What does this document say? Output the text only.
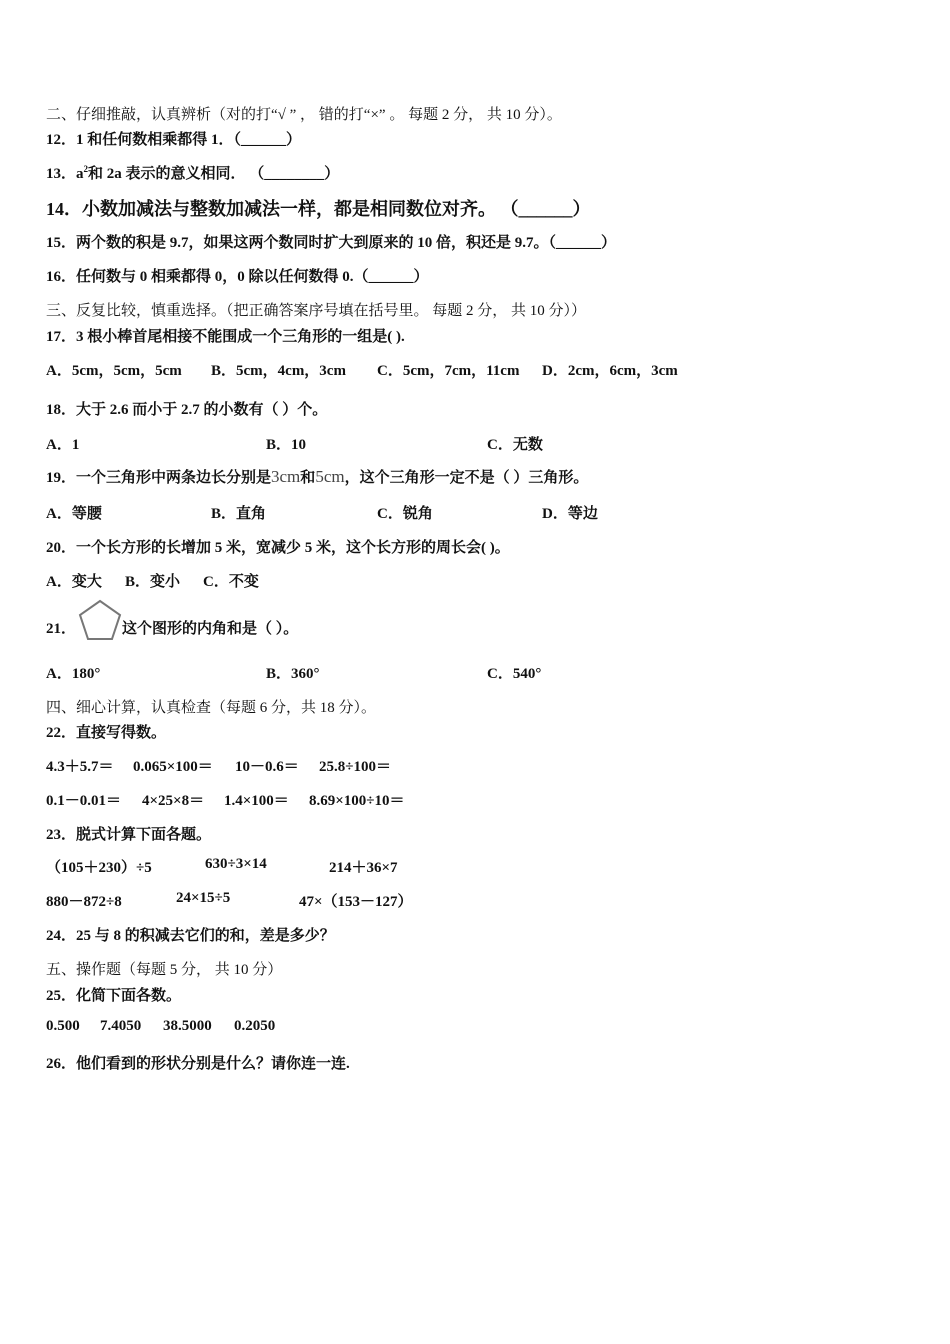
二、仔细推敲，认真辨析（对的打“√ ” ， 错的打“×” 。 每题 2 分， 共 10 分）。
12．1 和任何数相乘都得 1．（______）
13．$a^2$和 2a 表示的意义相同． （________）
14．小数加减法与整数加减法一样，都是相同数位对齐。 （______）
15．两个数的积是 9.7，如果这两个数同时扩大到原来的 10 倍，积还是 9.7。（______）
16．任何数与 0 相乘都得 0，0 除以任何数得 0.（______）
三、反复比较，慎重选择。（把正确答案序号填在括号里。 每题 2 分， 共 10 分））
17．3 根小棒首尾相接不能围成一个三角形的一组是( ).
A．5cm，5cm，5cm B．5cm，4cm，3cm C．5cm，7cm，11cm D．2cm，6cm，3cm
18．大于 2.6 而小于 2.7 的小数有（ ）个。
A．1	B．10	C．无数
19．一个三角形中两条边长分别是3cm和5cm，这个三角形一定不是（ ）三角形。
A．等腰	B．直角	C．锐角	D．等边
20．一个长方形的长增加 5 米，宽减少 5 米，这个长方形的周长会( )。
A．变大 B．变小 C．不变
21．	这个图形的内角和是（ ）。
A．180°	B．360°	C．540°
四、细心计算，认真检查（每题 6 分，共 18 分）。
22．直接写得数。
4.3＋5.7＝ 0.065×100＝ 10－0.6＝ 25.8÷100＝
0.1－0.01＝ 4×25×8＝ 1.4×100＝ 8.69×100÷10＝
23．脱式计算下面各题。
（105＋230）÷5	630÷3×14	214＋36×7
880－872÷8	24×15÷5	47×（153－127）
24．25 与 8 的积减去它们的和，差是多少？
五、操作题（每题 5 分， 共 10 分）
25．化简下面各数。
0.500 7.4050 38.5000 0.2050
26．他们看到的形状分别是什么？请你连一连.
